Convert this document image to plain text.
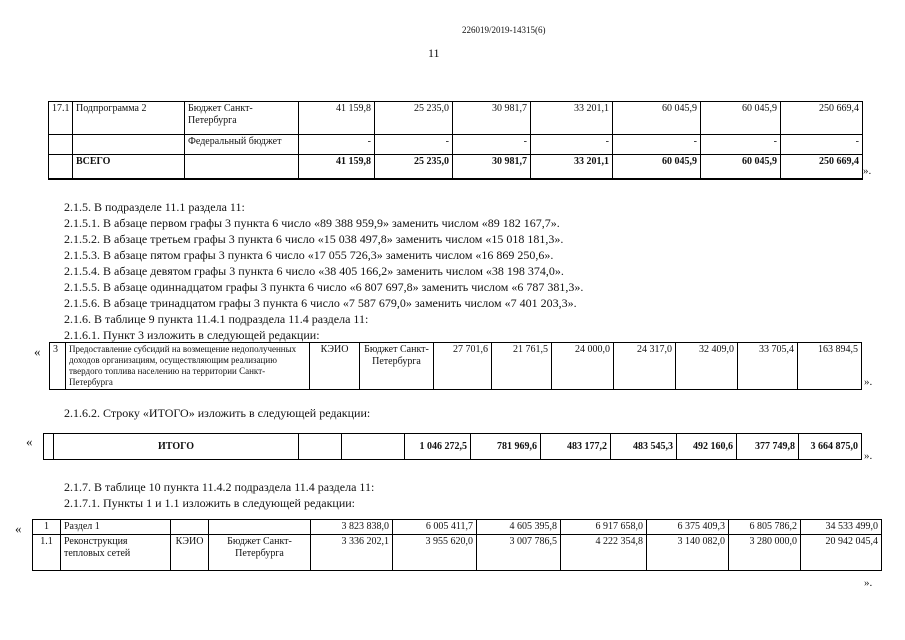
226019/2019-14315(6)
11
17.1	Подпрограмма 2	Бюджет Санкт-Петербурга	41 159,8	25 235,0	30 981,7	33 201,1	60 045,9	60 045,9	250 669,4
		Федеральный бюджет	-	-	-	-	-	-	-
	ВСЕГО		41 159,8	25 235,0	30 981,7	33 201,1	60 045,9	60 045,9	250 669,4
».
2.1.5. В подразделе 11.1 раздела 11:
2.1.5.1. В абзаце первом графы 3 пункта 6 число «89 388 959,9» заменить числом «89 182 167,7».
2.1.5.2. В абзаце третьем графы 3 пункта 6 число «15 038 497,8» заменить числом «15 018 181,3».
2.1.5.3. В абзаце пятом графы 3 пункта 6 число «17 055 726,3» заменить числом «16 869 250,6».
2.1.5.4. В абзаце девятом графы 3 пункта 6 число «38 405 166,2» заменить числом «38 198 374,0».
2.1.5.5. В абзаце одиннадцатом графы 3 пункта 6 число «6 807 697,8» заменить числом «6 787 381,3».
2.1.5.6. В абзаце тринадцатом графы 3 пункта 6 число «7 587 679,0» заменить числом «7 401 203,3».
2.1.6. В таблице 9 пункта 11.4.1 подраздела 11.4 раздела 11:
2.1.6.1. Пункт 3 изложить в следующей редакции:
« 3	Предоставление субсидий на возмещение недополученных доходов организациям, осуществляющим реализацию твердого топлива населению на территории Санкт-Петербурга	КЭИО	Бюджет Санкт-Петербурга	27 701,6	21 761,5	24 000,0	24 317,0	32 409,0	33 705,4	163 894,5
».
2.1.6.2. Строку «ИТОГО» изложить в следующей редакции:
«
		ИТОГО			1 046 272,5	781 969,6	483 177,2	483 545,3	492 160,6	377 749,8	3 664 875,0
».
2.1.7. В таблице 10 пункта 11.4.2 подраздела 11.4 раздела 11:
2.1.7.1. Пункты 1 и 1.1 изложить в следующей редакции:
« 1	Раздел 1			3 823 838,0	6 005 411,7	4 605 395,8	6 917 658,0	6 375 409,3	6 805 786,2	34 533 499,0
1.1	Реконструкция тепловых сетей	КЭИО	Бюджет Санкт-Петербурга	3 336 202,1	3 955 620,0	3 007 786,5	4 222 354,8	3 140 082,0	3 280 000,0	20 942 045,4
».
